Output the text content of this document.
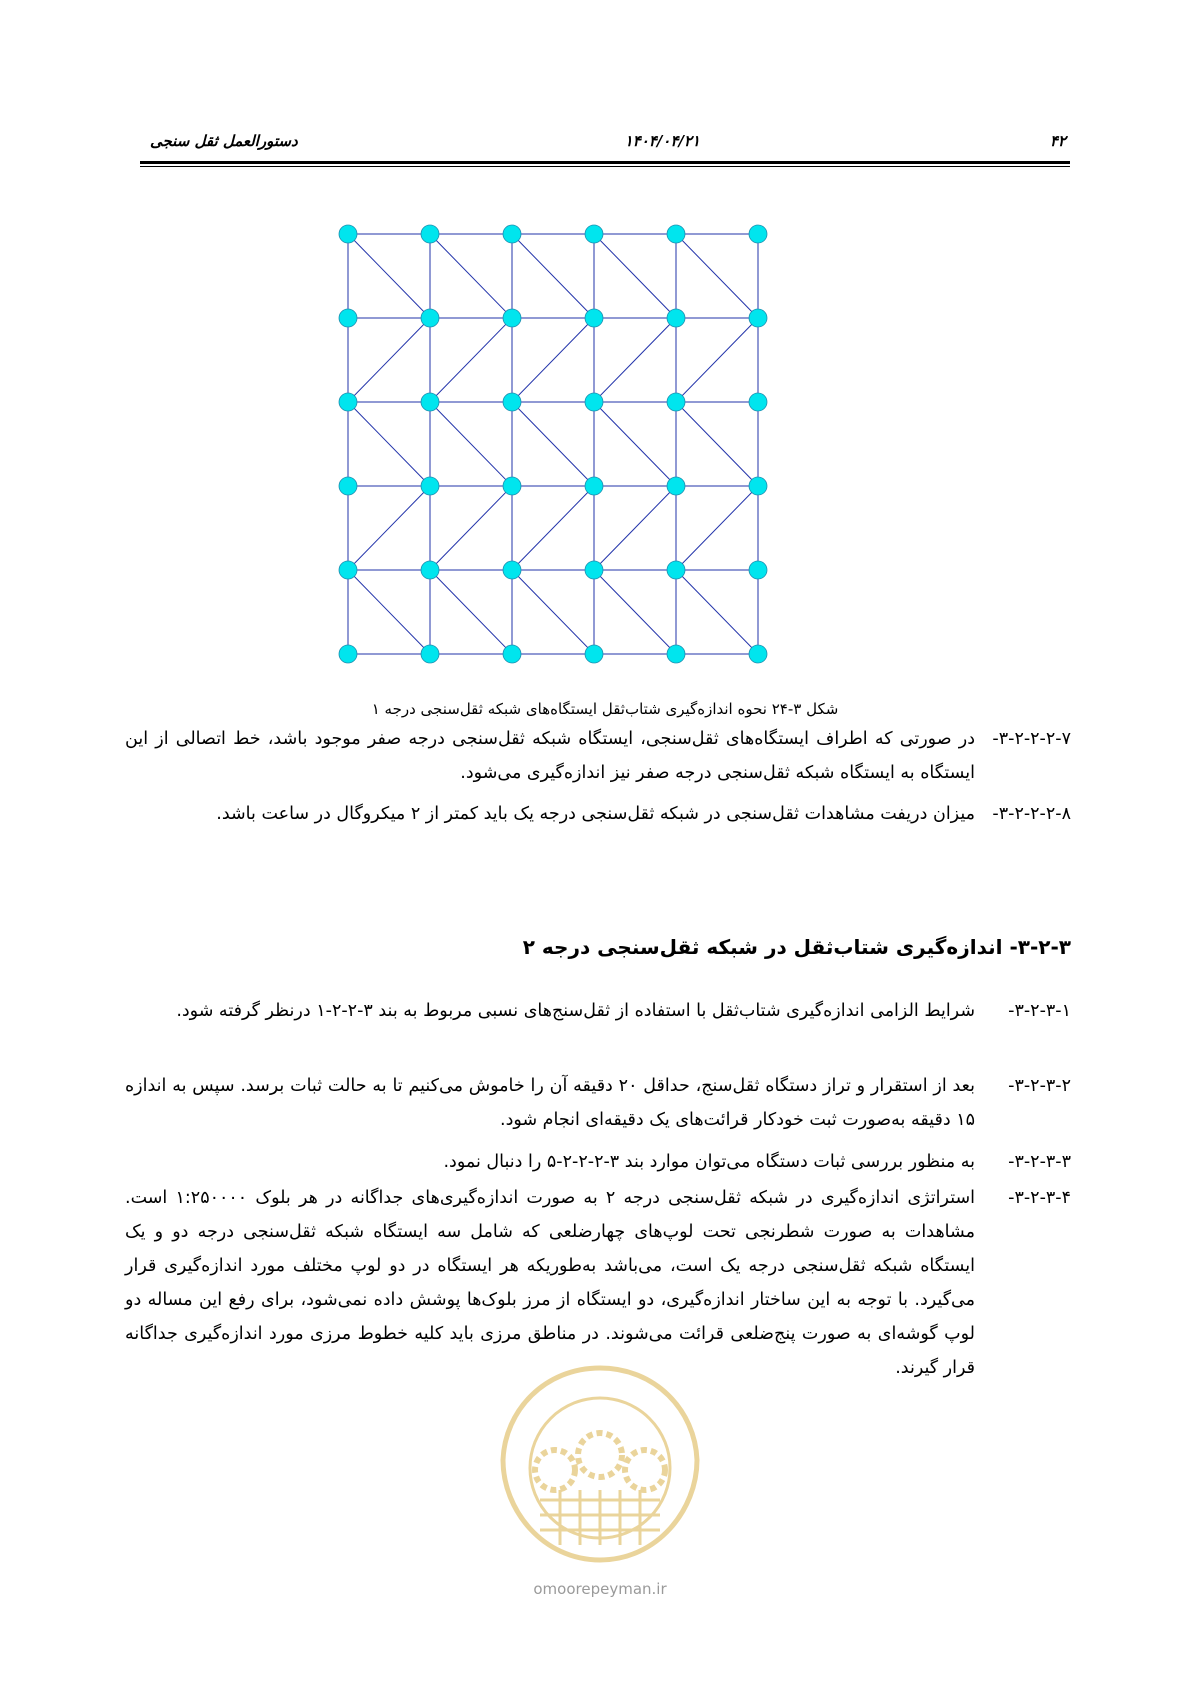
۴۲
۱۴۰۴/۰۴/۲۱
دستورالعمل ثقل سنجی
شکل ۳-۲۴ نحوه اندازه‌گیری شتاب‌ثقل ایستگاه‌های شبکه ثقل‌سنجی درجه ۱
۳-۲-۲-۲-۷-
در صورتی که اطراف ایستگاه‌های ثقل‌سنجی، ایستگاه شبکه ثقل‌سنجی درجه صفر موجود باشد، خط اتصالی از این ایستگاه به ایستگاه شبکه ثقل‌سنجی درجه صفر نیز اندازه‌گیری می‌شود.
۳-۲-۲-۲-۸-
میزان دریفت مشاهدات ثقل‌سنجی در شبکه ثقل‌سنجی درجه یک باید کمتر از ۲ میکروگال در ساعت باشد.
۳-۲-۳- اندازه‌گیری شتاب‌ثقل در شبکه ثقل‌سنجی درجه ۲
۳-۲-۳-۱-
شرایط الزامی اندازه‌گیری شتاب‌ثقل با استفاده از ثقل‌سنج‌های نسبی مربوط به بند ۳-۲-۲-۱ درنظر گرفته شود.
۳-۲-۳-۲-
بعد از استقرار و تراز دستگاه ثقل‌سنج، حداقل ۲۰ دقیقه آن را خاموش می‌کنیم تا به حالت ثبات برسد. سپس به اندازه ۱۵ دقیقه به‌صورت ثبت خودکار قرائت‌های یک دقیقه‌ای انجام شود.
۳-۲-۳-۳-
به منظور بررسی ثبات دستگاه می‌توان موارد بند ۳-۲-۲-۲-۵ را دنبال نمود.
۳-۲-۳-۴-
استراتژی اندازه‌گیری در شبکه ثقل‌سنجی درجه ۲ به صورت اندازه‌گیری‌های جداگانه در هر بلوک ۱:۲۵۰۰۰۰ است. مشاهدات به صورت شطرنجی تحت لوپ‌های چهارضلعی که شامل سه ایستگاه شبکه ثقل‌سنجی درجه دو و یک ایستگاه شبکه ثقل‌سنجی درجه یک است، می‌باشد به‌طوریکه هر ایستگاه در دو لوپ مختلف مورد اندازه‌گیری قرار می‌گیرد. با توجه به این ساختار اندازه‌گیری، دو ایستگاه از مرز بلوک‌ها پوشش داده نمی‌شود، برای رفع این مساله دو لوپ گوشه‌ای به صورت پنج‌ضلعی قرائت می‌شوند. در مناطق مرزی باید کلیه خطوط مرزی مورد اندازه‌گیری جداگانه قرار گیرند.
omoorepeyman.ir
